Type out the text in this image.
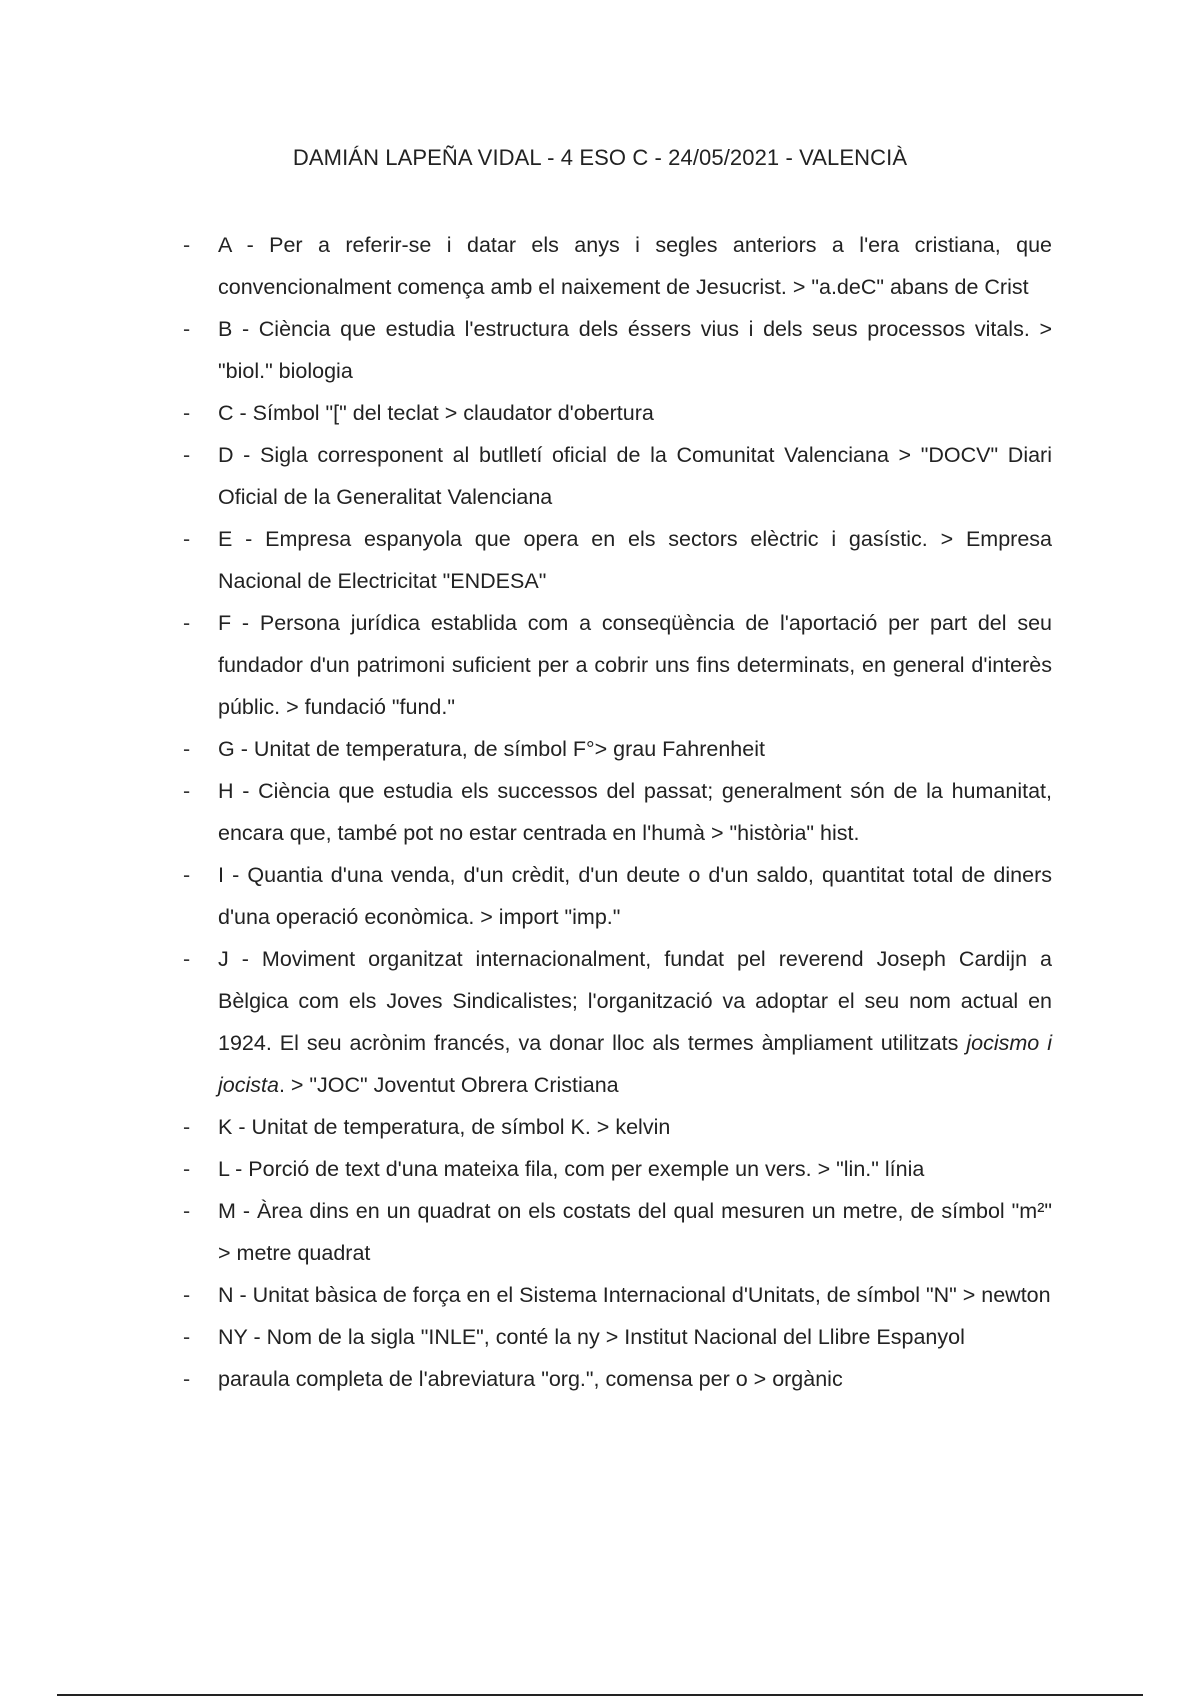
DAMIÁN LAPEÑA VIDAL - 4 ESO C - 24/05/2021 - VALENCIÀ
- A - Per a referir-se i datar els anys i segles anteriors a l'era cristiana, que convencionalment comença amb el naixement de Jesucrist. > "a.deC" abans de Crist
- B - Ciència que estudia l'estructura dels éssers vius i dels seus processos vitals. > "biol." biologia
- C - Símbol "[" del teclat > claudator d'obertura
- D - Sigla corresponent al butlletí oficial de la Comunitat Valenciana > "DOCV" Diari Oficial de la Generalitat Valenciana
- E - Empresa espanyola que opera en els sectors elèctric i gasístic. > Empresa Nacional de Electricitat "ENDESA"
- F - Persona jurídica establida com a conseqüència de l'aportació per part del seu fundador d'un patrimoni suficient per a cobrir uns fins determinats, en general d'interès públic. > fundació "fund."
- G - Unitat de temperatura, de símbol F°> grau Fahrenheit
- H - Ciència que estudia els successos del passat; generalment són de la humanitat, encara que, també pot no estar centrada en l'humà > "història" hist.
- I - Quantia d'una venda, d'un crèdit, d'un deute o d'un saldo, quantitat total de diners d'una operació econòmica. > import "imp."
- J - Moviment organitzat internacionalment, fundat pel reverend Joseph Cardijn a Bèlgica com els Joves Sindicalistes; l'organització va adoptar el seu nom actual en 1924. El seu acrònim francés, va donar lloc als termes àmpliament utilitzats jocismo i jocista. > "JOC" Joventut Obrera Cristiana
- K - Unitat de temperatura, de símbol K. > kelvin
- L - Porció de text d'una mateixa fila, com per exemple un vers. > "lin." línia
- M - Àrea dins en un quadrat on els costats del qual mesuren un metre, de símbol "m²" > metre quadrat
- N - Unitat bàsica de força en el Sistema Internacional d'Unitats, de símbol "N" > newton
- NY - Nom de la sigla "INLE", conté la ny > Institut Nacional del Llibre Espanyol
- paraula completa de l'abreviatura "org.", comensa per o > orgànic
